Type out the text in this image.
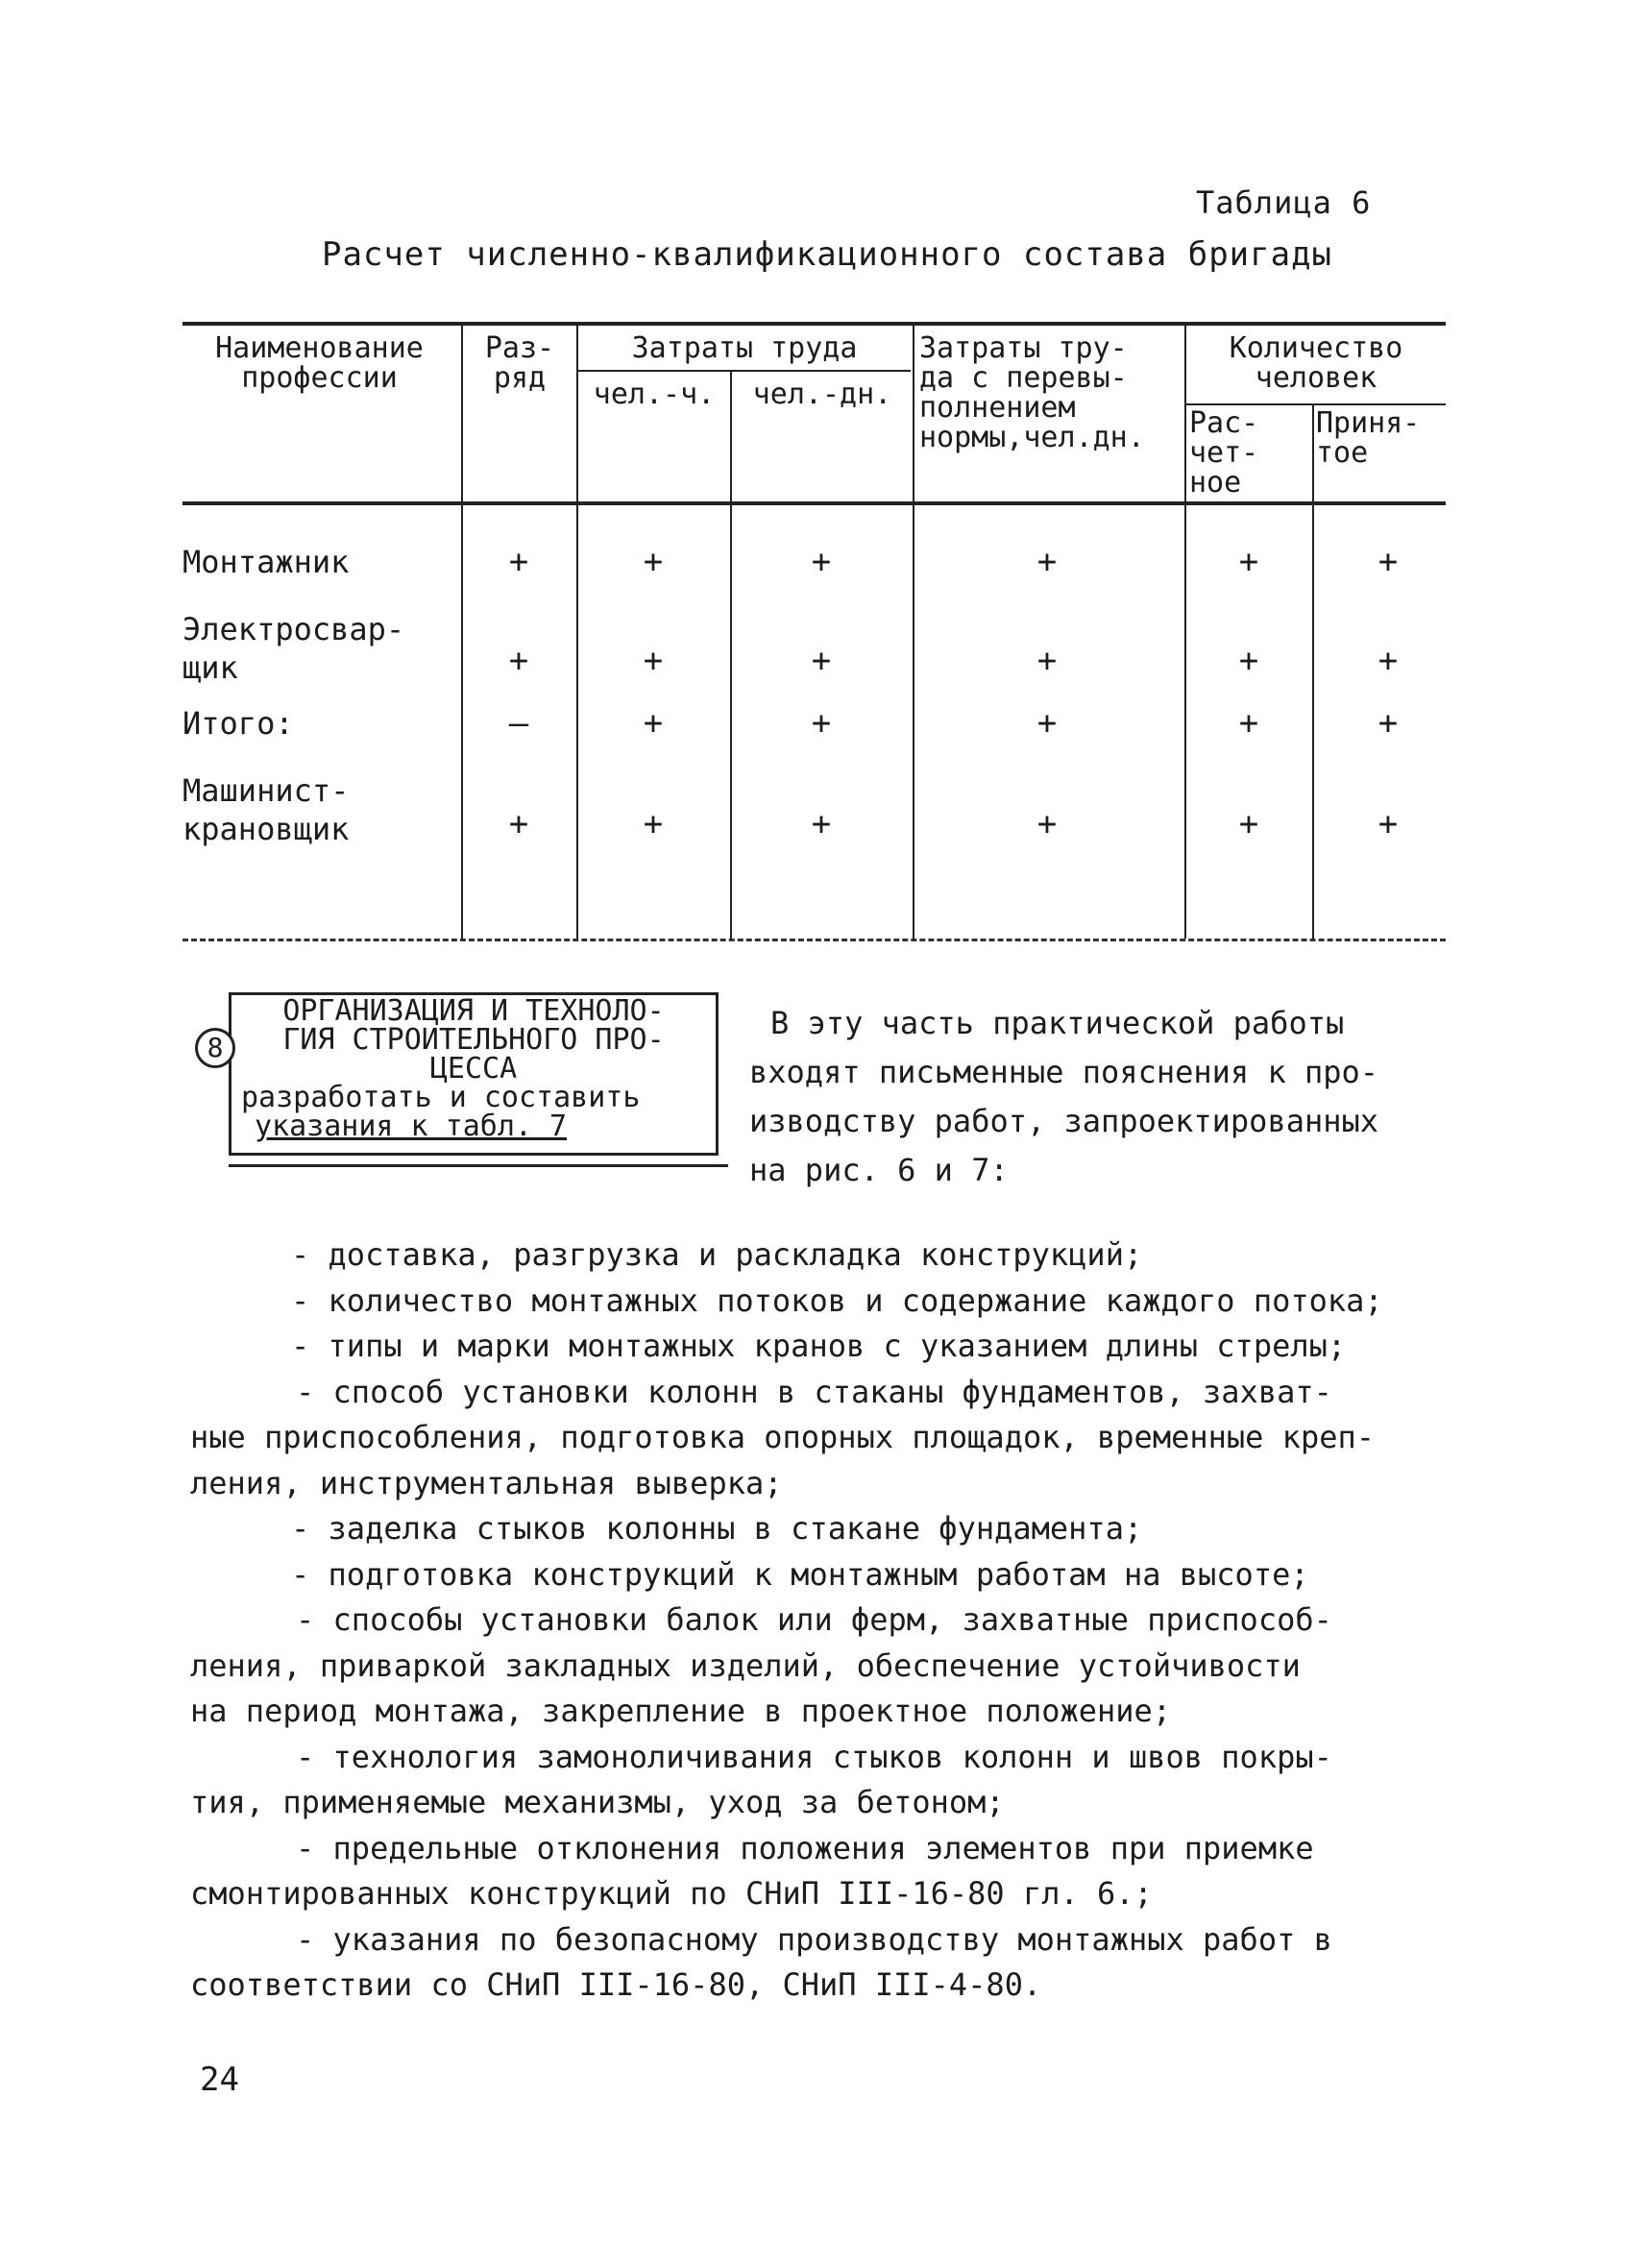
Таблица 6
Расчет численно-квалификационного состава бригады
Наименование
профессии
Раз-
ряд
Затраты труда
чел.-ч.	чел.-дн.
Затраты тру-
да с перевы-
полнением
нормы,чел.дн.
Количество
человек
Рас-
чет-
ное
Приня-
тое
Монтажник	+	+	+	+	+	+
Электросвар-
щик	+	+	+	+	+	+
Итого:	–	+	+	+	+	+
Машинист-
крановщик	+	+	+	+	+	+
ОРГАНИЗАЦИЯ И ТЕХНОЛО-
ГИЯ СТРОИТЕЛЬНОГО ПРО-
ЦЕССА
разработать и составить
указания к табл. 7
8
В эту часть практической работы
входят письменные пояснения к про-
изводству работ, запроектированных
на рис. 6 и 7:

- доставка, разгрузка и раскладка конструкций;

- количество монтажных потоков и содержание каждого потока;

- типы и марки монтажных кранов с указанием длины стрелы;

- способ установки колонн в стаканы фундаментов, захват-

ные приспособления, подготовка опорных площадок, временные креп-

ления, инструментальная выверка;

- заделка стыков колонны в стакане фундамента;

- подготовка конструкций к монтажным работам на высоте;

- способы установки балок или ферм, захватные приспособ-

ления, приваркой закладных изделий, обеспечение устойчивости

на период монтажа, закрепление в проектное положение;

- технология замоноличивания стыков колонн и швов покры-

тия, применяемые механизмы, уход за бетоном;

- предельные отклонения положения элементов при приемке

смонтированных конструкций по СНиП III-16-80 гл. 6.;

- указания по безопасному производству монтажных работ в

соответствии со СНиП III-16-80, СНиП III-4-80.

24
